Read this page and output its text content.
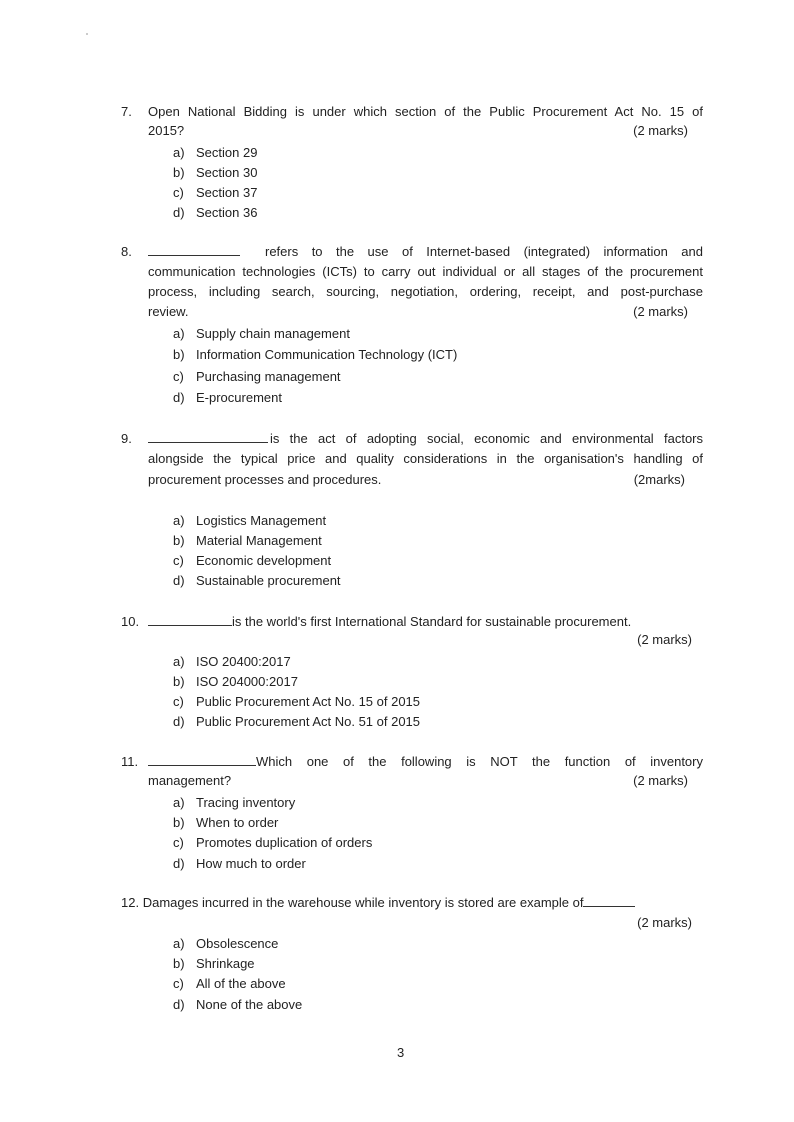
7. Open National Bidding is under which section of the Public Procurement Act No. 15 of
2015?	(2 marks)
a) Section 29
b) Section 30
c) Section 37
d) Section 36
8.	refers to the use of Internet-based (integrated) information and
communication technologies (ICTs) to carry out individual or all stages of the procurement
process, including search, sourcing, negotiation, ordering, receipt, and post-purchase
review.	(2 marks)
a) Supply chain management
b) Information Communication Technology (ICT)
c) Purchasing management
d) E-procurement
9.	is the act of adopting social, economic and environmental factors
alongside the typical price and quality considerations in the organisation's handling of
procurement processes and procedures.	(2marks)
a) Logistics Management
b) Material Management
c) Economic development
d) Sustainable procurement
10.	is the world's first International Standard for sustainable procurement.
(2 marks)
a) ISO 20400:2017
b) ISO 204000:2017
c) Public Procurement Act No. 15 of 2015
d) Public Procurement Act No. 51 of 2015
11.	Which one of the following is NOT the function of inventory
management?	(2 marks)
a) Tracing inventory
b) When to order
c) Promotes duplication of orders
d) How much to order
12. Damages incurred in the warehouse while inventory is stored are example of
(2 marks)
a) Obsolescence
b) Shrinkage
c) All of the above
d) None of the above
3
